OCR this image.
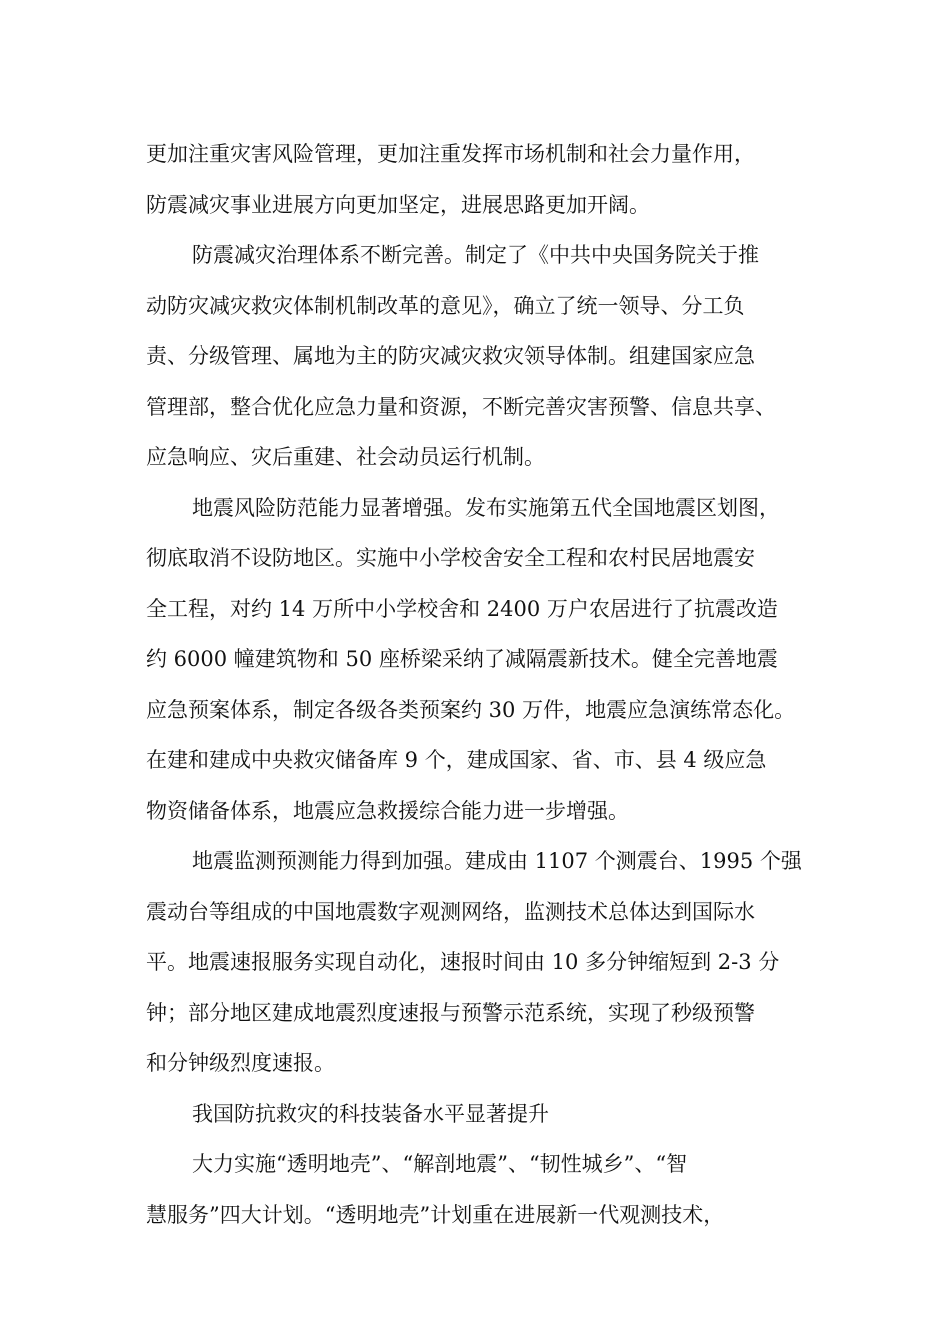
更加注重灾害风险管理，更加注重发挥市场机制和社会力量作用，
防震减灾事业进展方向更加坚定，进展思路更加开阔。
防震减灾治理体系不断完善。制定了《中共中央国务院关于推
动防灾减灾救灾体制机制改革的意见》，确立了统一领导、分工负
责、分级管理、属地为主的防灾减灾救灾领导体制。组建国家应急
管理部，整合优化应急力量和资源，不断完善灾害预警、信息共享、
应急响应、灾后重建、社会动员运行机制。
地震风险防范能力显著增强。发布实施第五代全国地震区划图，
彻底取消不设防地区。实施中小学校舍安全工程和农村民居地震安
全工程，对约 14 万所中小学校舍和 2400 万户农居进行了抗震改造
约 6000 幢建筑物和 50 座桥梁采纳了减隔震新技术。健全完善地震
应急预案体系，制定各级各类预案约 30 万件，地震应急演练常态化。
在建和建成中央救灾储备库 9 个，建成国家、省、市、县 4 级应急
物资储备体系，地震应急救援综合能力进一步增强。
地震监测预测能力得到加强。建成由 1107 个测震台、1995 个强
震动台等组成的中国地震数字观测网络，监测技术总体达到国际水
平。地震速报服务实现自动化，速报时间由 10 多分钟缩短到 2-3 分
钟；部分地区建成地震烈度速报与预警示范系统，实现了秒级预警
和分钟级烈度速报。
我国防抗救灾的科技装备水平显著提升
大力实施“透明地壳”、“解剖地震”、“韧性城乡”、“智
慧服务”四大计划。“透明地壳”计划重在进展新一代观测技术，
